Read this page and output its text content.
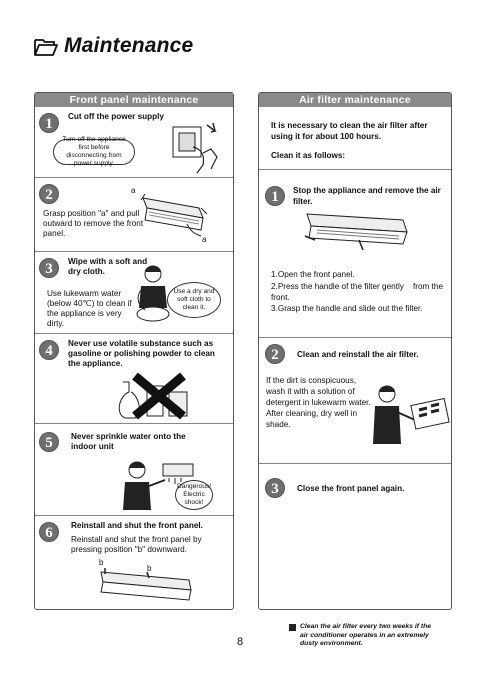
Maintenance
Front panel maintenance
1	Cut off the power supply
Turn off the appliance first before disconnecting from power supply.
2
Grasp position "a" and pull outward to remove the front panel.
a
a
3	Wipe with a soft and dry cloth.
Use lukewarm water (below 40℃) to clean if the appliance is very dirty.
Use a dry and soft cloth to clean it.
4	Never use volatile substance such as gasoline or polishing powder to clean the appliance.
5	Never sprinkle water onto the indoor unit
Dangerous! Electric shock!
6	Reinstall and shut the front panel.
Reinstall and shut the front panel by pressing position "b" downward.
b
b
Air filter maintenance
It is necessary to clean the air filter after using it for about 100 hours.
Clean it as follows:
1	Stop the appliance and remove the air filter.
1.Open the front panel.
2.Press the handle of the filter gently    from the front.
3.Grasp the handle and slide out the filter.
2	Clean and reinstall the air filter.
If the dirt is conspicuous, wash it with a solution of detergent in lukewarm water. After cleaning, dry well in shade.
3	Close the front panel again.
Clean the air filter every two weeks if the air conditioner operates in an extremely dusty environment.
8
